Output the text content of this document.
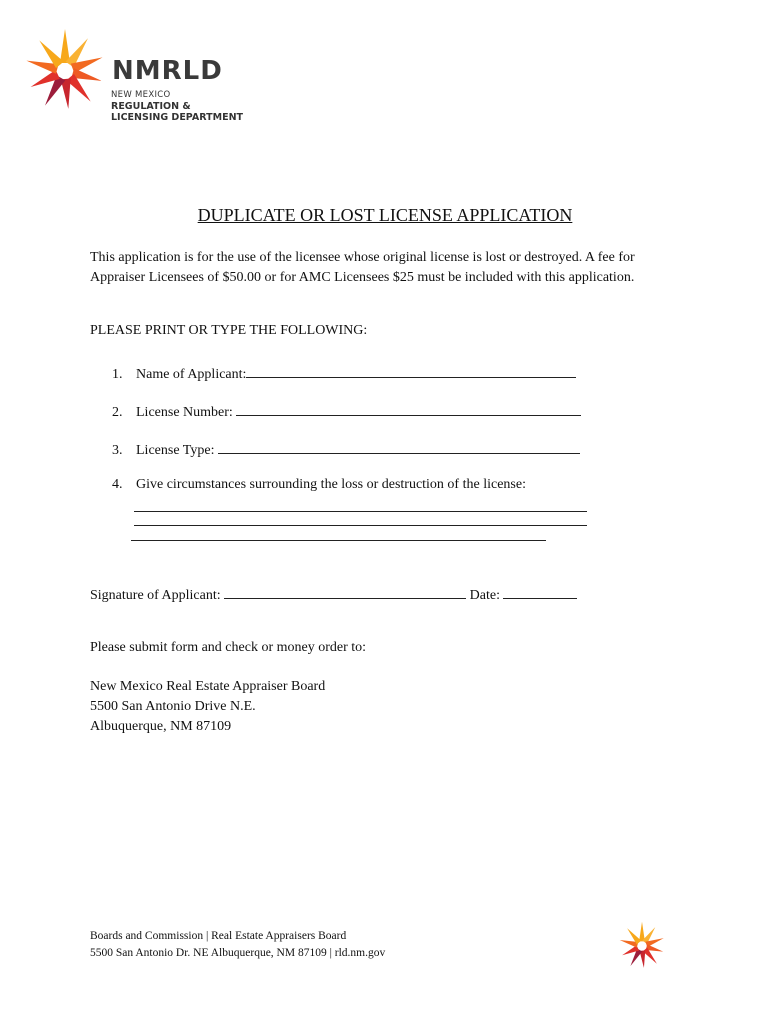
NMRLD
NEW MEXICO
REGULATION &
LICENSING DEPARTMENT
DUPLICATE OR LOST LICENSE APPLICATION

This application is for the use of the licensee whose original license is lost or destroyed. A fee for Appraiser Licensees of $50.00 or for AMC Licensees $25 must be included with this application.

PLEASE PRINT OR TYPE THE FOLLOWING:

1. Name of Applicant:

2. License Number:

3. License Type:

4. Give circumstances surrounding the loss or destruction of the license:

Signature of Applicant:	Date:

Please submit form and check or money order to:

New Mexico Real Estate Appraiser Board
5500 San Antonio Drive N.E.
Albuquerque, NM 87109
Boards and Commission | Real Estate Appraisers Board
5500 San Antonio Dr. NE Albuquerque, NM 87109 | rld.nm.gov
